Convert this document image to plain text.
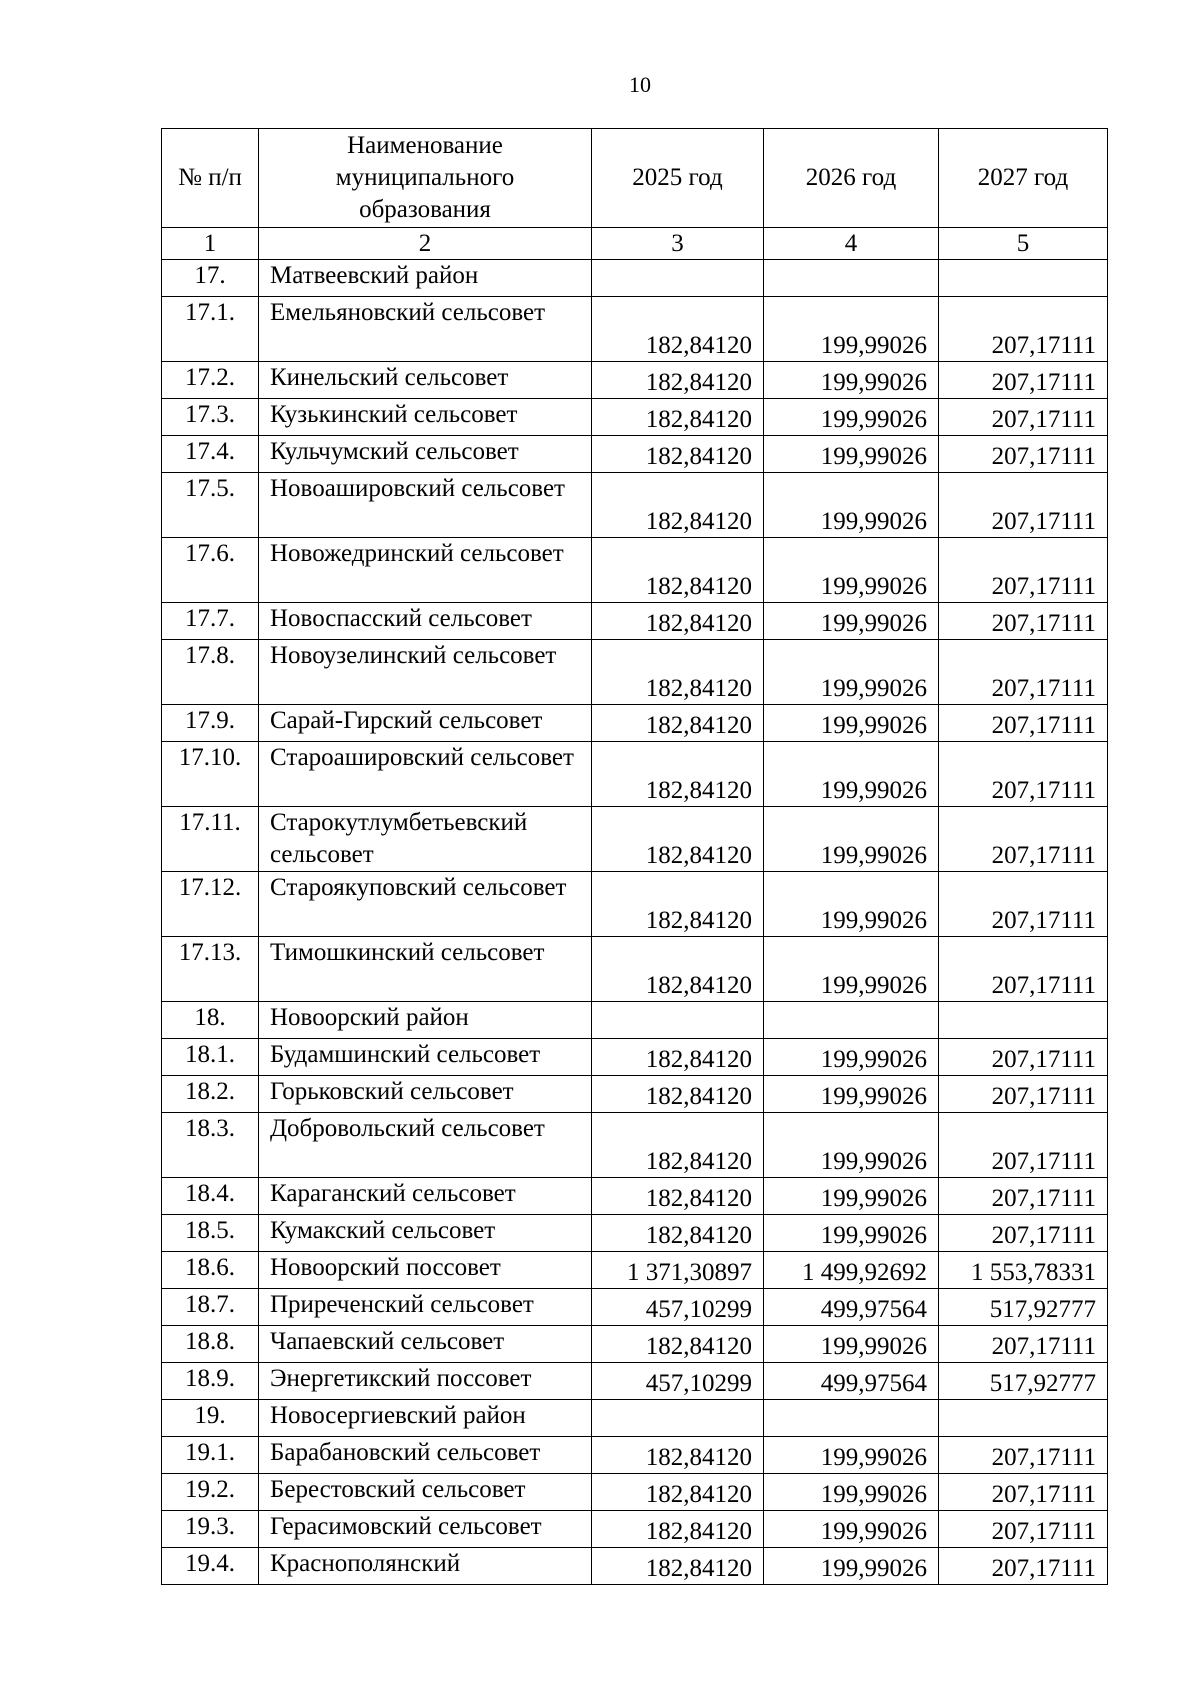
10
№ п/п	Наименование муниципального образования	2025 год	2026 год	2027 год
1	2	3	4	5
17.	Матвеевский район			
17.1.	Емельяновский сельсовет	182,84120	199,99026	207,17111
17.2.	Кинельский сельсовет	182,84120	199,99026	207,17111
17.3.	Кузькинский сельсовет	182,84120	199,99026	207,17111
17.4.	Кульчумский сельсовет	182,84120	199,99026	207,17111
17.5.	Новоашировский сельсовет	182,84120	199,99026	207,17111
17.6.	Новожедринский сельсовет	182,84120	199,99026	207,17111
17.7.	Новоспасский сельсовет	182,84120	199,99026	207,17111
17.8.	Новоузелинский сельсовет	182,84120	199,99026	207,17111
17.9.	Сарай-Гирский сельсовет	182,84120	199,99026	207,17111
17.10.	Староашировский сельсовет	182,84120	199,99026	207,17111
17.11.	Старокутлумбетьевский сельсовет	182,84120	199,99026	207,17111
17.12.	Староякуповский сельсовет	182,84120	199,99026	207,17111
17.13.	Тимошкинский сельсовет	182,84120	199,99026	207,17111
18.	Новоорский район			
18.1.	Будамшинский сельсовет	182,84120	199,99026	207,17111
18.2.	Горьковский сельсовет	182,84120	199,99026	207,17111
18.3.	Добровольский сельсовет	182,84120	199,99026	207,17111
18.4.	Караганский сельсовет	182,84120	199,99026	207,17111
18.5.	Кумакский сельсовет	182,84120	199,99026	207,17111
18.6.	Новоорский поссовет	1 371,30897	1 499,92692	1 553,78331
18.7.	Приреченский сельсовет	457,10299	499,97564	517,92777
18.8.	Чапаевский сельсовет	182,84120	199,99026	207,17111
18.9.	Энергетикский поссовет	457,10299	499,97564	517,92777
19.	Новосергиевский район			
19.1.	Барабановский сельсовет	182,84120	199,99026	207,17111
19.2.	Берестовский сельсовет	182,84120	199,99026	207,17111
19.3.	Герасимовский сельсовет	182,84120	199,99026	207,17111
19.4.	Краснополянский	182,84120	199,99026	207,17111
